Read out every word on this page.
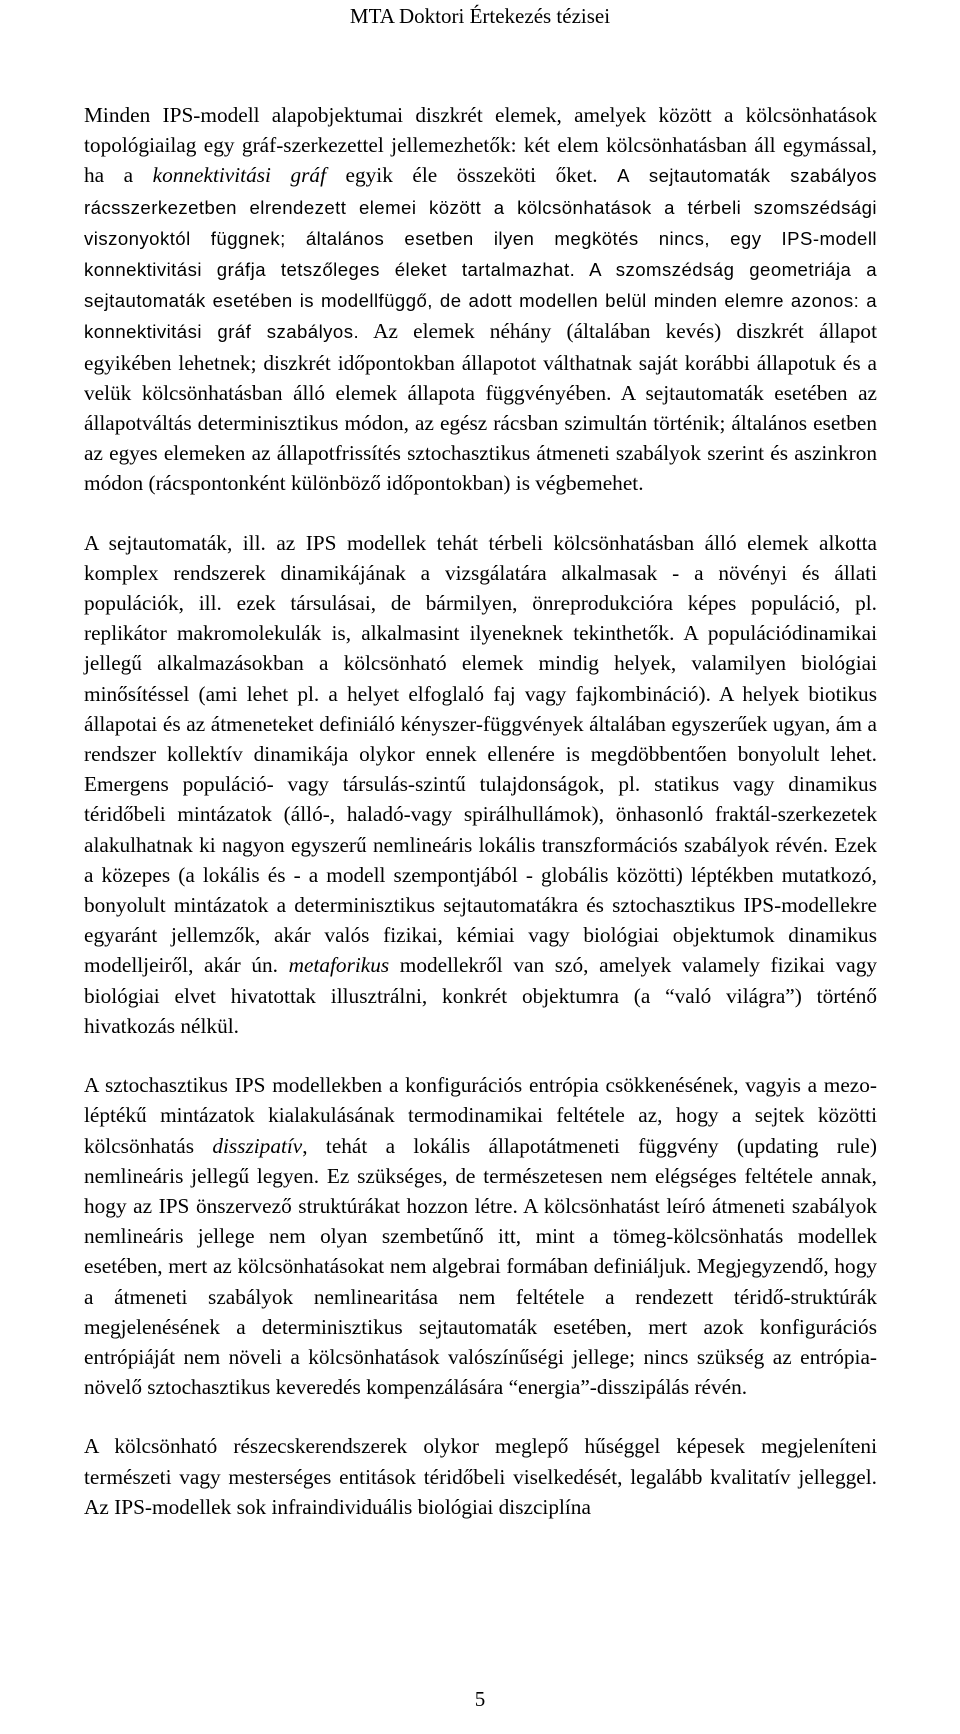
MTA Doktori Értekezés tézisei

Minden IPS-modell alapobjektumai diszkrét elemek, amelyek között a kölcsönhatások topológiailag egy gráf-szerkezettel jellemezhetők: két elem kölcsönhatásban áll egymással, ha a konnektivitási gráf egyik éle összeköti őket. A sejtautomaták szabályos rácsszerkezetben elrendezett elemei között a kölcsönhatások a térbeli szomszédsági viszonyoktól függnek; általános esetben ilyen megkötés nincs, egy IPS-modell konnektivitási gráfja tetszőleges éleket tartalmazhat. A szomszédság geometriája a sejtautomaták esetében is modellfüggő, de adott modellen belül minden elemre azonos: a konnektivitási gráf szabályos. Az elemek néhány (általában kevés) diszkrét állapot egyikében lehetnek; diszkrét időpontokban állapotot válthatnak saját korábbi állapotuk és a velük kölcsönhatásban álló elemek állapota függvényében. A sejtautomaták esetében az állapotváltás determinisztikus módon, az egész rácsban szimultán történik; általános esetben az egyes elemeken az állapotfrissítés sztochasztikus átmeneti szabályok szerint és aszinkron módon (rácspontonként különböző időpontokban) is végbemehet.

A sejtautomaták, ill. az IPS modellek tehát térbeli kölcsönhatásban álló elemek alkotta komplex rendszerek dinamikájának a vizsgálatára alkalmasak - a növényi és állati populációk, ill. ezek társulásai, de bármilyen, önreprodukcióra képes populáció, pl. replikátor makromolekulák is, alkalmasint ilyeneknek tekinthetők. A populációdinamikai jellegű alkalmazásokban a kölcsönható elemek mindig helyek, valamilyen biológiai minősítéssel (ami lehet pl. a helyet elfoglaló faj vagy fajkombináció). A helyek biotikus állapotai és az átmeneteket definiáló kényszer-függvények általában egyszerűek ugyan, ám a rendszer kollektív dinamikája olykor ennek ellenére is megdöbbentően bonyolult lehet. Emergens populáció- vagy társulás-szintű tulajdonságok, pl. statikus vagy dinamikus téridőbeli mintázatok (álló-, haladó-vagy spirálhullámok), önhasonló fraktál-szerkezetek alakulhatnak ki nagyon egyszerű nemlineáris lokális transzformációs szabályok révén. Ezek a közepes (a lokális és - a modell szempontjából - globális közötti) léptékben mutatkozó, bonyolult mintázatok a determinisztikus sejtautomatákra és sztochasztikus IPS-modellekre egyaránt jellemzők, akár valós fizikai, kémiai vagy biológiai objektumok dinamikus modelljeiről, akár ún. metaforikus modellekről van szó, amelyek valamely fizikai vagy biológiai elvet hivatottak illusztrálni, konkrét objektumra (a “való világra”) történő hivatkozás nélkül.

A sztochasztikus IPS modellekben a konfigurációs entrópia csökkenésének, vagyis a mezo-léptékű mintázatok kialakulásának termodinamikai feltétele az, hogy a sejtek közötti kölcsönhatás disszipatív, tehát a lokális állapotátmeneti függvény (updating rule) nemlineáris jellegű legyen. Ez szükséges, de természetesen nem elégséges feltétele annak, hogy az IPS önszervező struktúrákat hozzon létre. A kölcsönhatást leíró átmeneti szabályok nemlineáris jellege nem olyan szembetűnő itt, mint a tömeg-kölcsönhatás modellek esetében, mert az kölcsönhatásokat nem algebrai formában definiáljuk. Megjegyzendő, hogy a átmeneti szabályok nemlinearitása nem feltétele a rendezett téridő-struktúrák megjelenésének a determinisztikus sejtautomaták esetében, mert azok konfigurációs entrópiáját nem növeli a kölcsönhatások valószínűségi jellege; nincs szükség az entrópia-növelő sztochasztikus keveredés kompenzálására “energia”-disszipálás révén.

A kölcsönható részecskerendszerek olykor meglepő hűséggel képesek megjeleníteni természeti vagy mesterséges entitások téridőbeli viselkedését, legalább kvalitatív jelleggel. Az IPS-modellek sok infraindividuális biológiai diszciplína

5
